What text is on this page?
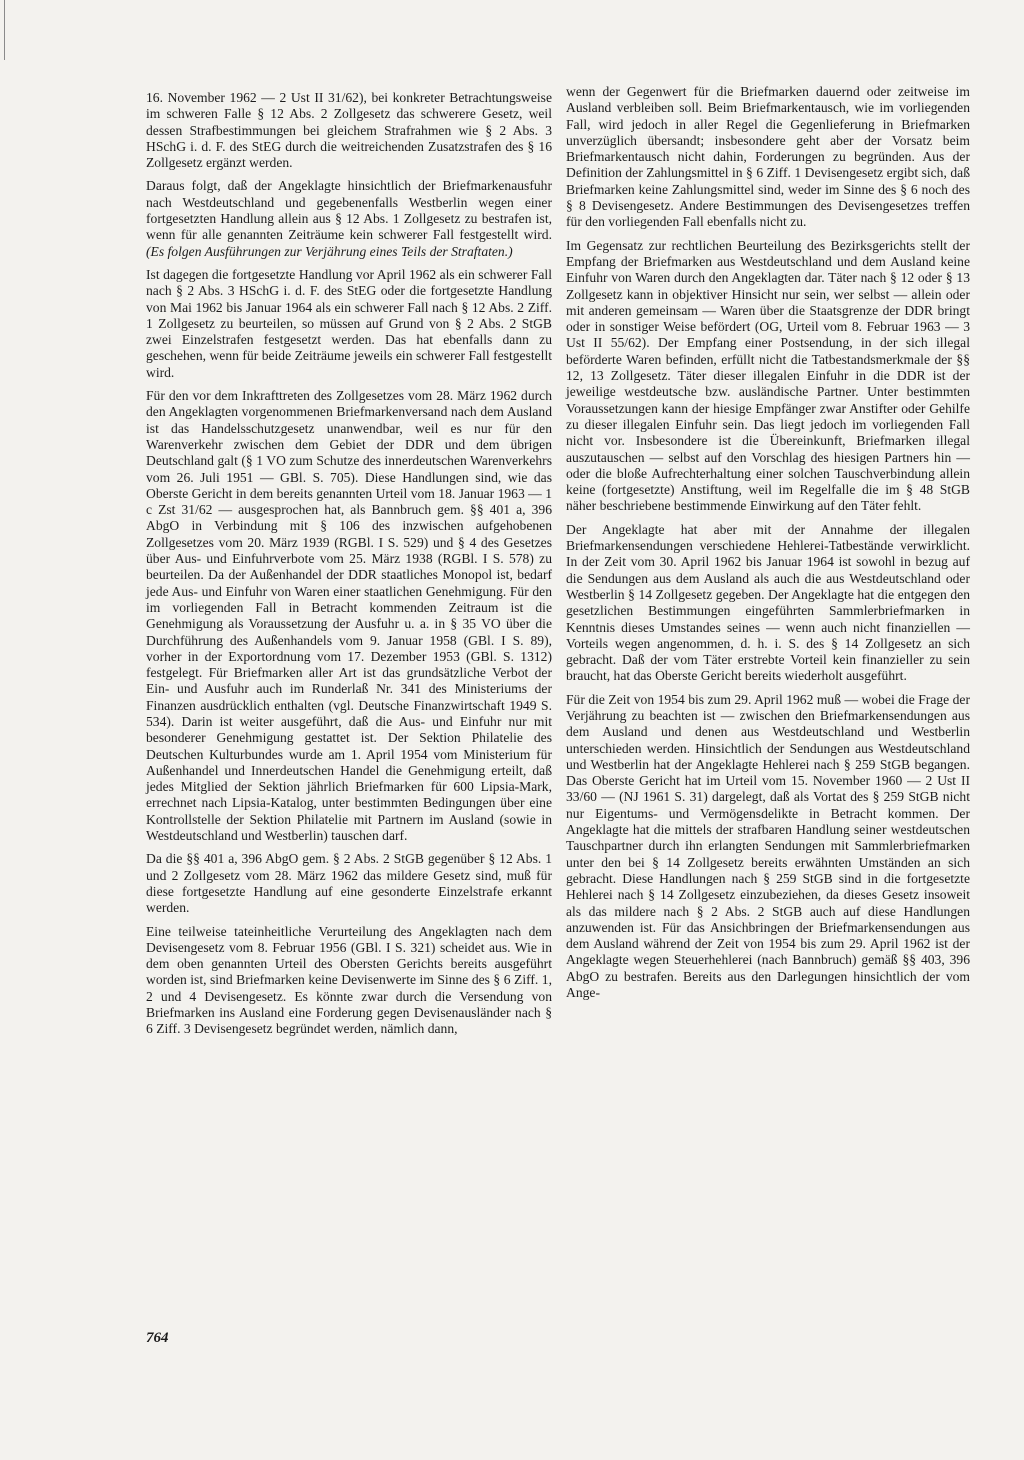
16. November 1962 — 2 Ust II 31/62), bei konkreter Betrachtungsweise im schweren Falle § 12 Abs. 2 Zollgesetz das schwerere Gesetz, weil dessen Strafbestimmungen bei gleichem Strafrahmen wie § 2 Abs. 3 HSchG i. d. F. des StEG durch die weitreichenden Zusatzstrafen des § 16 Zollgesetz ergänzt werden.

Daraus folgt, daß der Angeklagte hinsichtlich der Briefmarkenausfuhr nach Westdeutschland und gegebenenfalls Westberlin wegen einer fortgesetzten Handlung allein aus § 12 Abs. 1 Zollgesetz zu bestrafen ist, wenn für alle genannten Zeiträume kein schwerer Fall festgestellt wird. (Es folgen Ausführungen zur Verjährung eines Teils der Straftaten.)

Ist dagegen die fortgesetzte Handlung vor April 1962 als ein schwerer Fall nach § 2 Abs. 3 HSchG i. d. F. des StEG oder die fortgesetzte Handlung von Mai 1962 bis Januar 1964 als ein schwerer Fall nach § 12 Abs. 2 Ziff. 1 Zollgesetz zu beurteilen, so müssen auf Grund von § 2 Abs. 2 StGB zwei Einzelstrafen festgesetzt werden. Das hat ebenfalls dann zu geschehen, wenn für beide Zeiträume jeweils ein schwerer Fall festgestellt wird.

Für den vor dem Inkrafttreten des Zollgesetzes vom 28. März 1962 durch den Angeklagten vorgenommenen Briefmarkenversand nach dem Ausland ist das Handelsschutzgesetz unanwendbar, weil es nur für den Warenverkehr zwischen dem Gebiet der DDR und dem übrigen Deutschland galt (§ 1 VO zum Schutze des innerdeutschen Warenverkehrs vom 26. Juli 1951 — GBl. S. 705). Diese Handlungen sind, wie das Oberste Gericht in dem bereits genannten Urteil vom 18. Januar 1963 — 1 c Zst 31/62 — ausgesprochen hat, als Bannbruch gem. §§ 401 a, 396 AbgO in Verbindung mit § 106 des inzwischen aufgehobenen Zollgesetzes vom 20. März 1939 (RGBl. I S. 529) und § 4 des Gesetzes über Aus- und Einfuhrverbote vom 25. März 1938 (RGBl. I S. 578) zu beurteilen. Da der Außenhandel der DDR staatliches Monopol ist, bedarf jede Aus- und Einfuhr von Waren einer staatlichen Genehmigung. Für den im vorliegenden Fall in Betracht kommenden Zeitraum ist die Genehmigung als Voraussetzung der Ausfuhr u. a. in § 35 VO über die Durchführung des Außenhandels vom 9. Januar 1958 (GBl. I S. 89), vorher in der Exportordnung vom 17. Dezember 1953 (GBl. S. 1312) festgelegt. Für Briefmarken aller Art ist das grundsätzliche Verbot der Ein- und Ausfuhr auch im Runderlaß Nr. 341 des Ministeriums der Finanzen ausdrücklich enthalten (vgl. Deutsche Finanzwirtschaft 1949 S. 534). Darin ist weiter ausgeführt, daß die Aus- und Einfuhr nur mit besonderer Genehmigung gestattet ist. Der Sektion Philatelie des Deutschen Kulturbundes wurde am 1. April 1954 vom Ministerium für Außenhandel und Innerdeutschen Handel die Genehmigung erteilt, daß jedes Mitglied der Sektion jährlich Briefmarken für 600 Lipsia-Mark, errechnet nach Lipsia-Katalog, unter bestimmten Bedingungen über eine Kontrollstelle der Sektion Philatelie mit Partnern im Ausland (sowie in Westdeutschland und Westberlin) tauschen darf.

Da die §§ 401 a, 396 AbgO gem. § 2 Abs. 2 StGB gegenüber § 12 Abs. 1 und 2 Zollgesetz vom 28. März 1962 das mildere Gesetz sind, muß für diese fortgesetzte Handlung auf eine gesonderte Einzelstrafe erkannt werden.

Eine teilweise tateinheitliche Verurteilung des Angeklagten nach dem Devisengesetz vom 8. Februar 1956 (GBl. I S. 321) scheidet aus. Wie in dem oben genannten Urteil des Obersten Gerichts bereits ausgeführt worden ist, sind Briefmarken keine Devisenwerte im Sinne des § 6 Ziff. 1, 2 und 4 Devisengesetz. Es könnte zwar durch die Versendung von Briefmarken ins Ausland eine Forderung gegen Devisenausländer nach § 6 Ziff. 3 Devisengesetz begründet werden, nämlich dann,

wenn der Gegenwert für die Briefmarken dauernd oder zeitweise im Ausland verbleiben soll. Beim Briefmarkentausch, wie im vorliegenden Fall, wird jedoch in aller Regel die Gegenlieferung in Briefmarken unverzüglich übersandt; insbesondere geht aber der Vorsatz beim Briefmarkentausch nicht dahin, Forderungen zu begründen. Aus der Definition der Zahlungsmittel in § 6 Ziff. 1 Devisengesetz ergibt sich, daß Briefmarken keine Zahlungsmittel sind, weder im Sinne des § 6 noch des § 8 Devisengesetz. Andere Bestimmungen des Devisengesetzes treffen für den vorliegenden Fall ebenfalls nicht zu.

Im Gegensatz zur rechtlichen Beurteilung des Bezirksgerichts stellt der Empfang der Briefmarken aus Westdeutschland und dem Ausland keine Einfuhr von Waren durch den Angeklagten dar. Täter nach § 12 oder § 13 Zollgesetz kann in objektiver Hinsicht nur sein, wer selbst — allein oder mit anderen gemeinsam — Waren über die Staatsgrenze der DDR bringt oder in sonstiger Weise befördert (OG, Urteil vom 8. Februar 1963 — 3 Ust II 55/62). Der Empfang einer Postsendung, in der sich illegal beförderte Waren befinden, erfüllt nicht die Tatbestandsmerkmale der §§ 12, 13 Zollgesetz. Täter dieser illegalen Einfuhr in die DDR ist der jeweilige westdeutsche bzw. ausländische Partner. Unter bestimmten Voraussetzungen kann der hiesige Empfänger zwar Anstifter oder Gehilfe zu dieser illegalen Einfuhr sein. Das liegt jedoch im vorliegenden Fall nicht vor. Insbesondere ist die Übereinkunft, Briefmarken illegal auszutauschen — selbst auf den Vorschlag des hiesigen Partners hin — oder die bloße Aufrechterhaltung einer solchen Tauschverbindung allein keine (fortgesetzte) Anstiftung, weil im Regelfalle die im § 48 StGB näher beschriebene bestimmende Einwirkung auf den Täter fehlt.

Der Angeklagte hat aber mit der Annahme der illegalen Briefmarkensendungen verschiedene Hehlerei-Tatbestände verwirklicht. In der Zeit vom 30. April 1962 bis Januar 1964 ist sowohl in bezug auf die Sendungen aus dem Ausland als auch die aus Westdeutschland oder Westberlin § 14 Zollgesetz gegeben. Der Angeklagte hat die entgegen den gesetzlichen Bestimmungen eingeführten Sammlerbriefmarken in Kenntnis dieses Umstandes seines — wenn auch nicht finanziellen — Vorteils wegen angenommen, d. h. i. S. des § 14 Zollgesetz an sich gebracht. Daß der vom Täter erstrebte Vorteil kein finanzieller zu sein braucht, hat das Oberste Gericht bereits wiederholt ausgeführt.

Für die Zeit von 1954 bis zum 29. April 1962 muß — wobei die Frage der Verjährung zu beachten ist — zwischen den Briefmarkensendungen aus dem Ausland und denen aus Westdeutschland und Westberlin unterschieden werden. Hinsichtlich der Sendungen aus Westdeutschland und Westberlin hat der Angeklagte Hehlerei nach § 259 StGB begangen. Das Oberste Gericht hat im Urteil vom 15. November 1960 — 2 Ust II 33/60 — (NJ 1961 S. 31) dargelegt, daß als Vortat des § 259 StGB nicht nur Eigentums- und Vermögensdelikte in Betracht kommen. Der Angeklagte hat die mittels der strafbaren Handlung seiner westdeutschen Tauschpartner durch ihn erlangten Sendungen mit Sammlerbriefmarken unter den bei § 14 Zollgesetz bereits erwähnten Umständen an sich gebracht. Diese Handlungen nach § 259 StGB sind in die fortgesetzte Hehlerei nach § 14 Zollgesetz einzubeziehen, da dieses Gesetz insoweit als das mildere nach § 2 Abs. 2 StGB auch auf diese Handlungen anzuwenden ist. Für das Ansichbringen der Briefmarkensendungen aus dem Ausland während der Zeit von 1954 bis zum 29. April 1962 ist der Angeklagte wegen Steuerhehlerei (nach Bannbruch) gemäß §§ 403, 396 AbgO zu bestrafen. Bereits aus den Darlegungen hinsichtlich der vom Ange-

764
